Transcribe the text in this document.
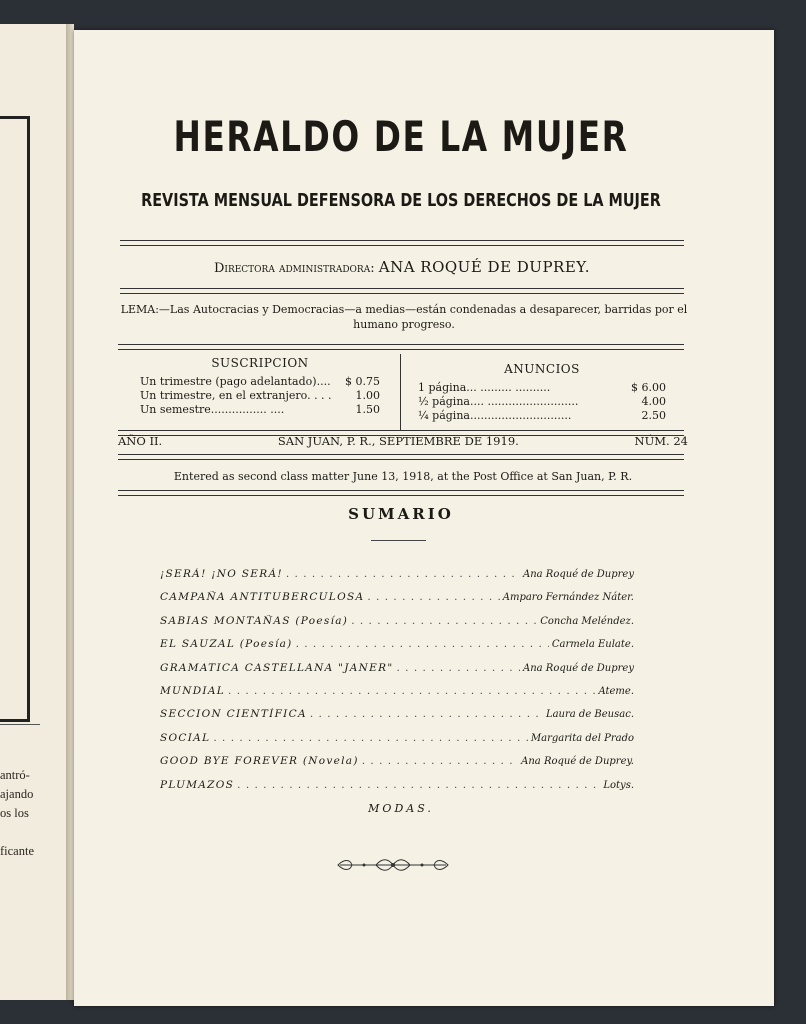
antró-
ajando
os los

ficante
HERALDO DE LA MUJER
REVISTA MENSUAL DEFENSORA DE LOS DERECHOS DE LA MUJER
Directora administradora: ANA ROQUÉ DE DUPREY.
LEMA:—Las Autocracias y Democracias—a medias—están condenadas a desaparecer, barridas por el humano progreso.
SUSCRIPCION
Un trimestre (pago adelantado).... $ 0.75
Un trimestre, en el extranjero. . . . 1.00
Un semestre................ ....	1.50
ANUNCIOS
1 página... ......... ..........	$ 6.00
½ página.... ..........................	4.00
¼ página.............................	2.50
AÑO II.	SAN JUAN, P. R., SEPTIEMBRE DE 1919.	NÚM. 24
Entered as second class matter June 13, 1918, at the Post Office at San Juan, P. R.
SUMARIO
¡SERÁ! ¡NO SERÁ! . . .	Ana Roqué de Duprey
CAMPAÑA ANTITUBERCULOSA . . .	Amparo Fernández Náter.
SABIAS MONTAÑAS (Poesía) . . .	Concha Meléndez.
EL SAUZAL (Poesía) . . .	Carmela Eulate.
GRAMATICA CASTELLANA "JANER" . . .	Ana Roqué de Duprey
MUNDIAL . . .	Ateme.
SECCION CIENTÍFICA . . .	Laura de Beusac.
SOCIAL . . .	Margarita del Prado
GOOD BYE FOREVER (Novela) . . .	Ana Roqué de Duprey.
PLUMAZOS . . .	Lotys.
MODAS.
